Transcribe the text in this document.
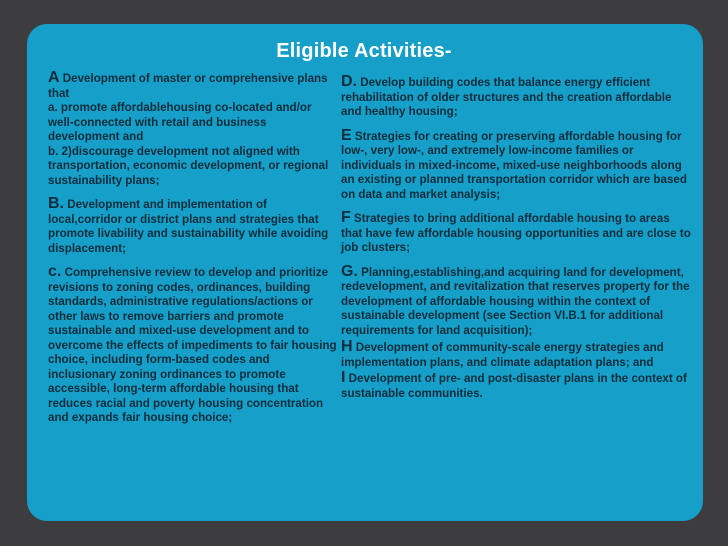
Eligible Activities-

A Development of master or comprehensive plans that
a. promote affordablehousing co-located and/or well-connected with retail and business development and
b. 2)discourage development not aligned with transportation, economic development, or regional sustainability plans;

B. Development and implementation of local,corridor or district plans and strategies that promote livability and sustainability while avoiding displacement;

c. Comprehensive review to develop and prioritize revisions to zoning codes, ordinances, building standards, administrative regulations/actions or other laws to remove barriers and promote sustainable and mixed-use development and to overcome the effects of impediments to fair housing choice, including form-based codes and inclusionary zoning ordinances to promote accessible, long-term affordable housing that reduces racial and poverty housing concentration and expands fair housing choice;

D. Develop building codes that balance energy efficient rehabilitation of older structures and the creation affordable and healthy housing;

E Strategies for creating or preserving affordable housing for low-, very low-, and extremely low-income families or individuals in mixed-income, mixed-use neighborhoods along an existing or planned transportation corridor which are based on data and market analysis;

F Strategies to bring additional affordable housing to areas that have few affordable housing opportunities and are close to job clusters;

G. Planning,establishing,and acquiring land for development, redevelopment, and revitalization that reserves property for the development of affordable housing within the context of sustainable development (see Section VI.B.1 for additional requirements for land acquisition);

H Development of community-scale energy strategies and implementation plans, and climate adaptation plans; and

I Development of pre- and post-disaster plans in the context of sustainable communities.
